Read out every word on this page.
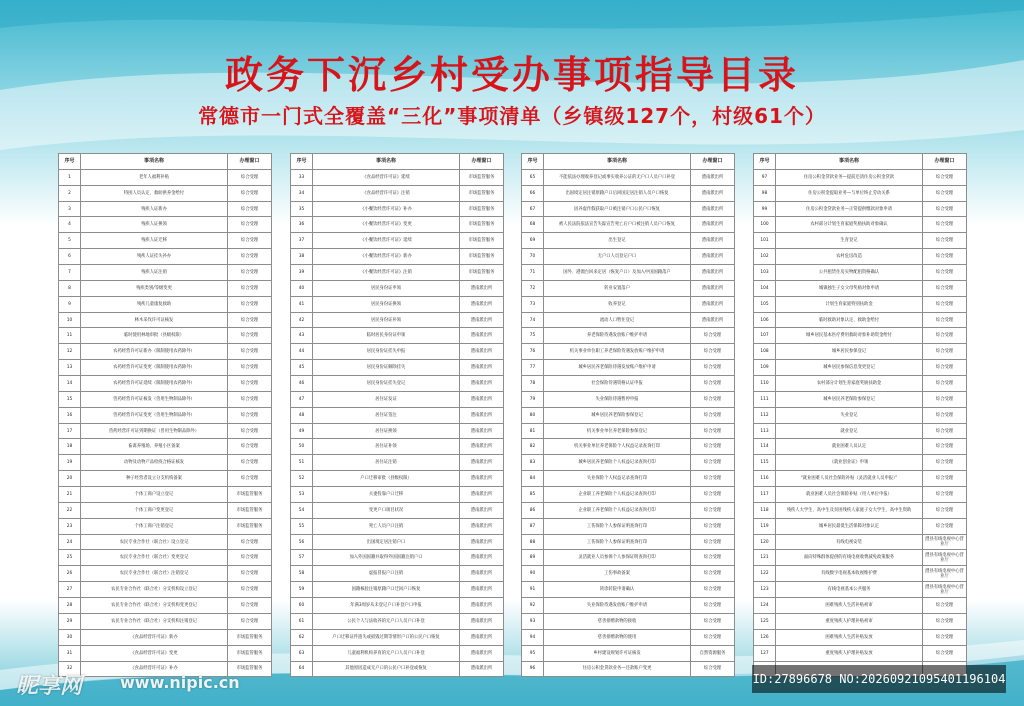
政务下沉乡村受办事项指导目录
常德市一门式全覆盖“三化”事项清单（乡镇级127个，村级61个）
序号	事项名称	办理窗口
1	老年人福利补贴	综合受理
2	特困人员认定、救助供养金给付	综合受理
3	残疾人证新办	综合受理
4	残疾人证换领	综合受理
5	残疾人证迁移	综合受理
6	残疾人证挂失补办	综合受理
7	残疾人证注销	综合受理
8	残疾类别/等级变更	综合受理
9	残疾儿童康复救助	综合受理
10	林木采伐许可证核发	综合受理
11	临时使用林地审批（县级权限）	综合受理
12	农药经营许可证新办（限制使用农药除外）	综合受理
13	农药经营许可证变更（限制使用农药除外）	综合受理
14	农药经营许可证延续（限制使用农药除外）	综合受理
15	兽药经营许可证核发（兽用生物制品除外）	综合受理
16	兽药经营许可证变更（兽用生物制品除外）	综合受理
17	兽药经营许可证到期换证（兽用生物制品除外）	综合受理
18	畜禽养殖场、养殖小区备案	综合受理
19	动物及动物产品检疫合格证核发	综合受理
20	种子经营者设立分支机构备案	综合受理
21	个体工商户设立登记	市场监管服务
22	个体工商户变更登记	市场监管服务
23	个体工商户注销登记	市场监管服务
24	农民专业合作社（联合社）设立登记	综合受理
25	农民专业合作社（联合社）变更登记	综合受理
26	农民专业合作社（联合社）注销登记	综合受理
27	农民专业合作社（联合社）分支机构设立登记	综合受理
28	农民专业合作社（联合社）分支机构变更登记	综合受理
29	农民专业合作社（联合社）分支机构注销登记	综合受理
30	《食品经营许可证》新办	市场监管服务
31	《食品经营许可证》变更	市场监管服务
32	《食品经营许可证》补办	市场监管服务
序号	事项名称	办理窗口
33	《食品经营许可证》延续	市场监管服务
34	《食品经营许可证》注销	市场监管服务
35	《小餐饮经营许可证》补办	市场监管服务
36	《小餐饮经营许可证》变更	市场监管服务
37	《小餐饮经营许可证》延续	市场监管服务
38	《小餐饮经营许可证》新办	市场监管服务
39	《小餐饮经营许可证》注销	市场监管服务
40	居民身份证申领	澧南派出所
41	居民身份证换领	澧南派出所
42	居民身份证补领	澧南派出所
43	临时居民身份证申领	澧南派出所
44	居民身份证挂失申报	澧南派出所
45	居民身份证解除挂失	澧南派出所
46	居民身份证挂失登记	澧南派出所
47	居住证发证	澧南派出所
48	居住证签注	澧南派出所
49	居住证换领	澧南派出所
50	居住证补领	澧南派出所
51	居住证注销	澧南派出所
52	户口迁移审批（县级权限）	澧南派出所
53	夫妻投靠户口迁移	澧南派出所
54	变更户口项目状况	澧南派出所
55	死亡人员户口注销	澧南派出所
56	出国境定居注销户口	澧南派出所
57	加入外国国籍并取得外国国籍注销户口	澧南派出所
58	虚报冒报户口注销	澧南派出所
59	国籍核验注销原籍户口迁回户口恢复	澧南派出所
60	年满3周岁从未登记户口补登户口申报	澧南派出所
61	公民个人与法收养的无户口人员户口补登	澧南派出所
62	户口迁移证件遗失或损毁过期等情形户口的公民户口恢复	澧南派出所
63	儿童福利机构养育的无户口人员户口补登	澧南派出所
64	其他原因造成无户口的公民户口补登或恢复	澧南派出所
序号	事项名称	办理窗口
65	不能依法办理收养登记或事实收养公证的无户口人员户口补登	澧南派出所
66	出国境定居注销原籍户口后回国定居注销人员户口恢复	澧南派出所
67	因养虚作假获取户口被注销户口公民户口恢复	澧南派出所
68	被人民法院依法宣告失踪宣告死亡后户口被注销人员户口恢复	澧南派出所
69	出生登记	澧南派出所
70	无户口人员登记户口	澧南派出所
71	国外、港澳台回来定居（恢复户口）及加入中国国籍落户	澧南派出所
72	转业安置落户	澧南派出所
73	收养登记	澧南派出所
74	流动人口暂住登记	澧南派出所
75	养老保险待遇发放账户维护申请	综合受理
76	机关事业单位职工养老保险待遇发放账户维护申请	综合受理
77	城乡居民养老保险待遇发放账户维护申请	综合受理
78	社会保险待遇资格认证申报	综合受理
79	失业保险待遇暂停申报	综合受理
80	城乡居民养老保险参保登记	综合受理
81	机关事业单位养老保险参保登记	综合受理
82	机关事业单位养老保险个人权益记录查询打印	综合受理
83	城乡居民养老保险个人权益记录查询打印	综合受理
84	失业保险个人权益记录查询打印	综合受理
85	企业职工养老保险个人权益记录查询打印	综合受理
86	企业职工养老保险个人权益记录查询打印	综合受理
87	工伤保险个人参保证明查询打印	综合受理
88	工伤保险个人参保证明查询打印	综合受理
89	灵活就业人员参保个人参保证明查询打印	综合受理
90	工伤事故备案	综合受理
91	转诊转院申请确认	综合受理
92	失业保险待遇发放账户维护申请	综合受理
93	慈善捐赠款物的接收	综合受理
94	慈善捐赠款物的使用	综合受理
95	乡村建设规划许可证核发	自然资源服务
96	住房公积金贷款业务—还款账户变更	综合受理
序号	事项名称	办理窗口
97	住房公积金贷款业务—提前还清住房公积金贷款	综合受理
98	住房公积金提取业务—与单位终止劳动关系	综合受理
99	住房公积金贷款业务—正常提供缴款对象申请	综合受理
100	农村部分计划生育家庭奖励扶助对象确认	综合受理
101	生育登记	综合受理
102	农村危房改造	综合受理
103	公共租赁住房实物配租资格确认	综合受理
104	城镇独生子女父母奖励对象申请	综合受理
105	计划生育家庭特别扶助金	综合受理
106	临时救助对象认定、救助金给付	综合受理
107	城乡居民基本医疗费用救助对象补助资金给付	综合受理
108	城乡居民参保登记	综合受理
109	城乡居民参保信息变更登记	综合受理
110	农村部分计划生育家庭奖励扶助金	综合受理
111	城乡居民养老保险参保登记	综合受理
112	失业登记	综合受理
113	就业登记	综合受理
114	就业困难人员认定	综合受理
115	《就业创业证》申领	综合受理
116	“就业困难人员社会保险补贴（灵活就业人员申报）”	综合受理
117	就业困难人员社会保险补贴（用人单位申报）	综合受理
118	残疾人大学生、高中生及贫困残疾人家庭子女大学生、高中生资助	综合受理
119	城乡居民最低生活保障对象认定	综合受理
120	有线电视安装	澧县有线电视中心营业厅
121	面向特殊群体提供的有线电视收费减免政策服务	澧县有线电视中心营业厅
122	有线数字电视基本收视维护费	澧县有线电视中心营业厅
123	有线电视基本公共服务	澧县有线电视中心营业厅
124	困难残疾人生活补贴初审	综合受理
125	重度残疾人护理补贴初审	综合受理
126	困难残疾人生活补贴发放	综合受理
127	重度残疾人护理补贴发放	综合受理

昵享网 www.nipic.cn	ID:27896678 NO:20260921095401196104
